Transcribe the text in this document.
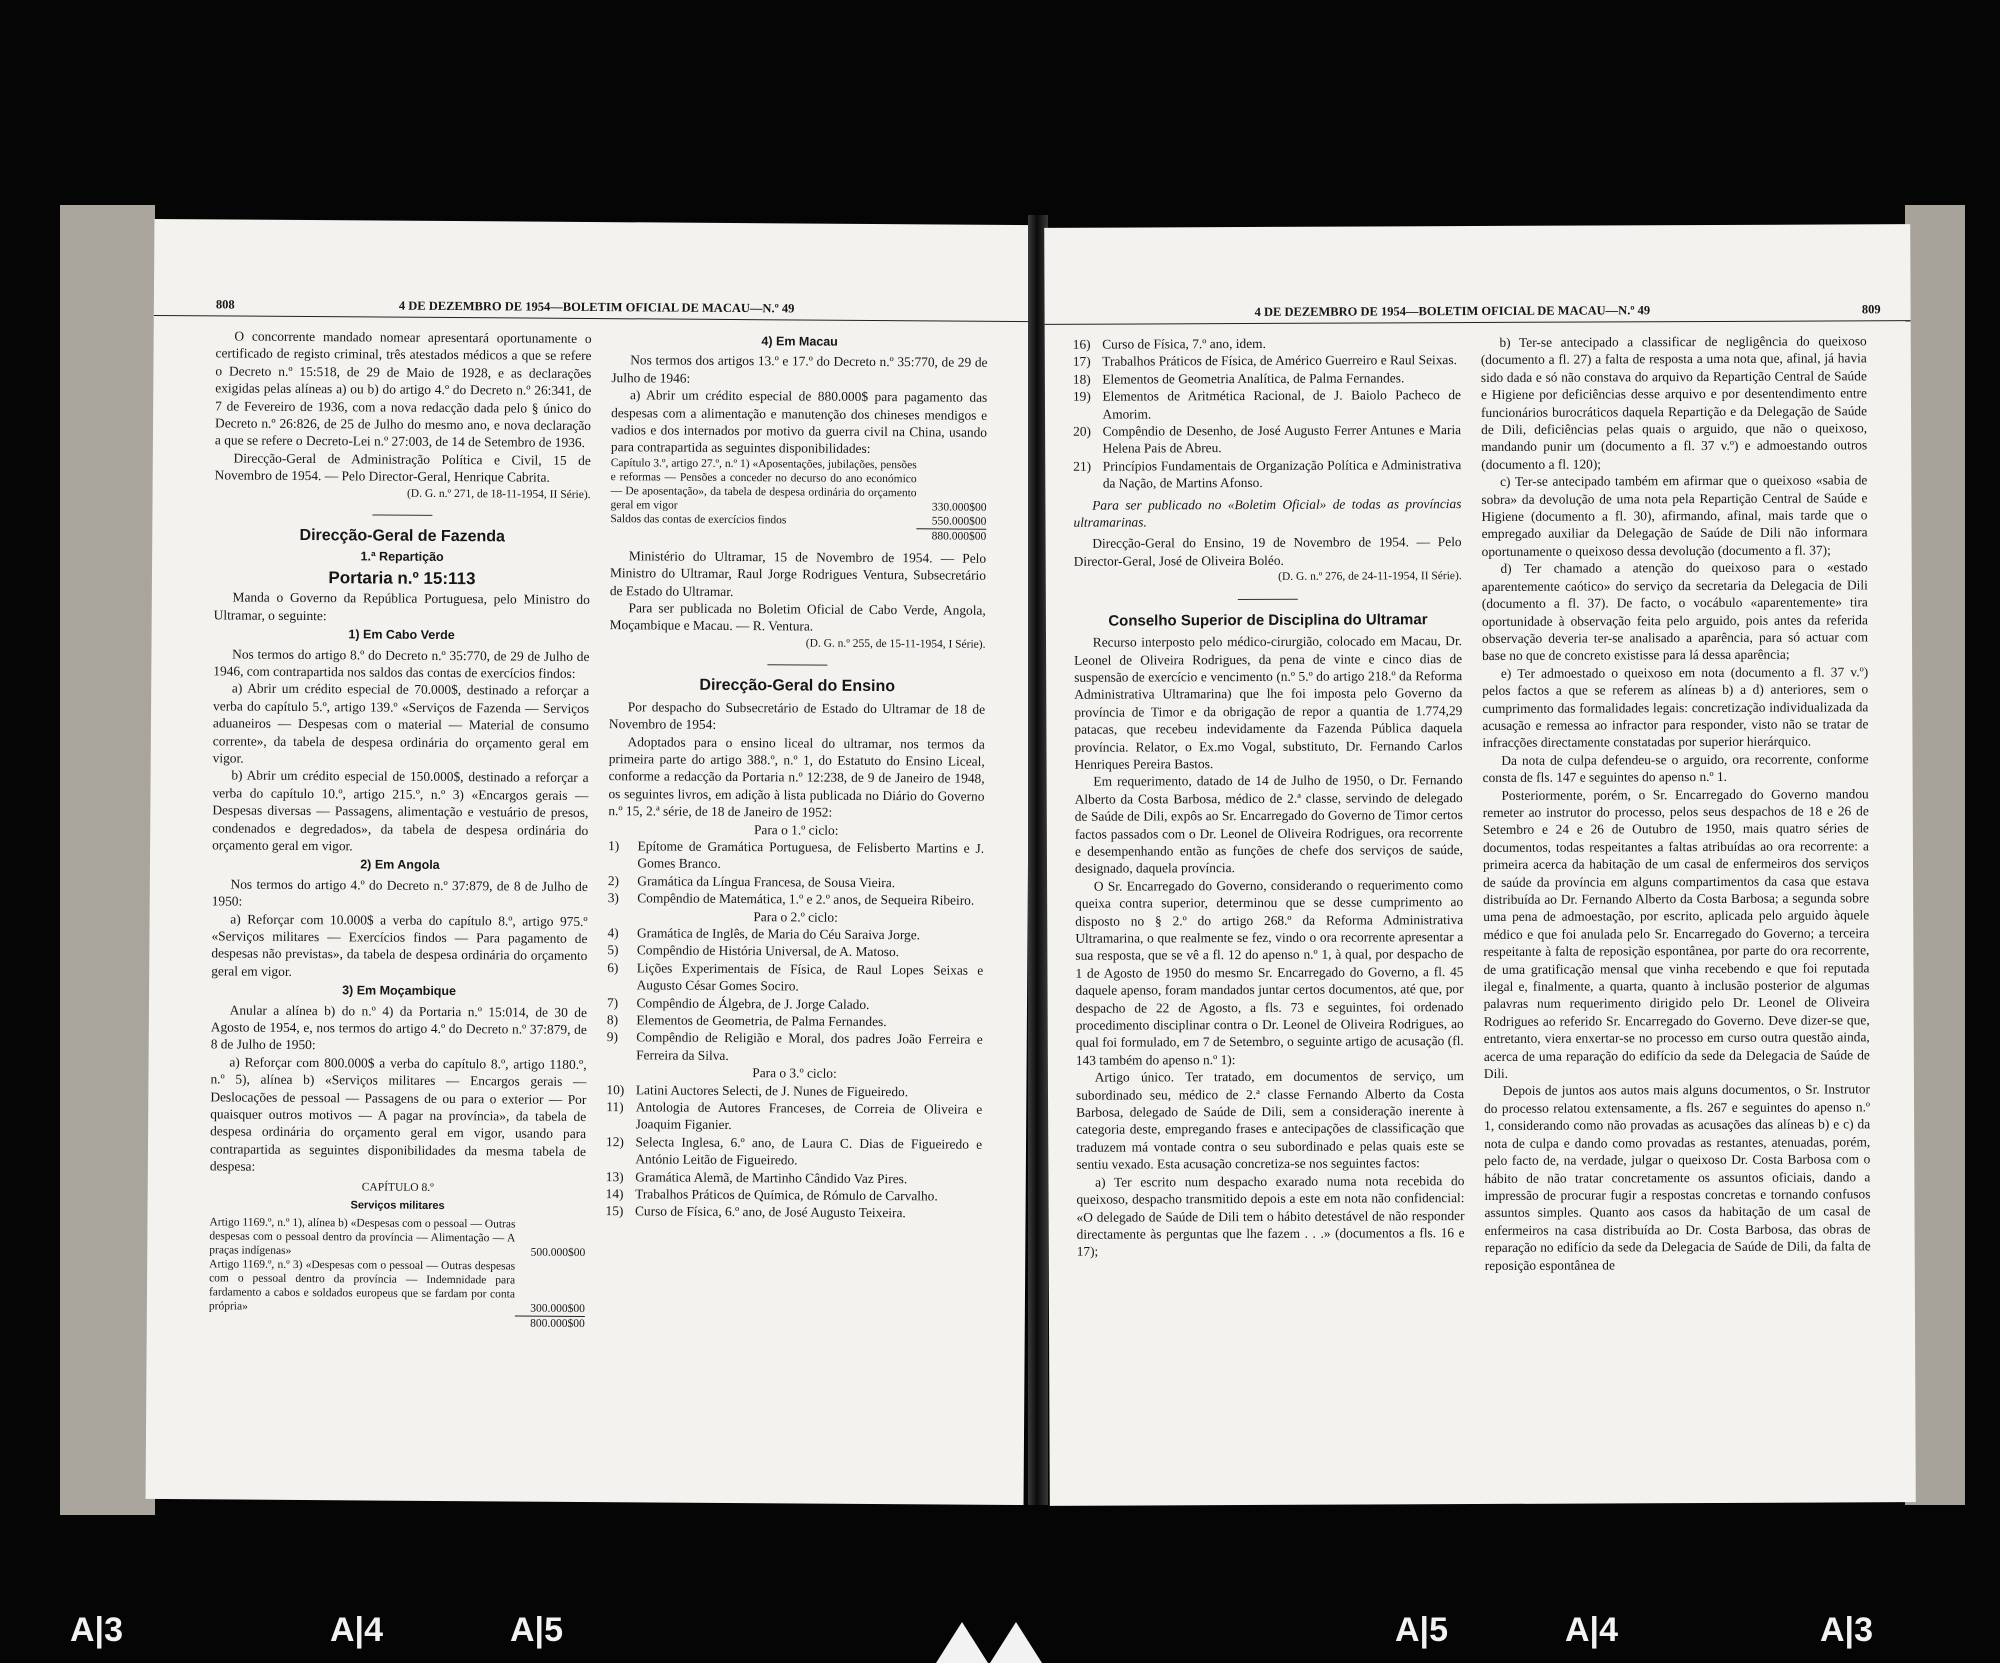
808	4 DE DEZEMBRO DE 1954—BOLETIM OFICIAL DE MACAU—N.º 49

O concorrente mandado nomear apresentará oportunamente o certificado de registo criminal, três atestados médicos a que se refere o Decreto n.º 15:518, de 29 de Maio de 1928, e as declarações exigidas pelas alíneas a) ou b) do artigo 4.º do Decreto n.º 26:341, de 7 de Fevereiro de 1936, com a nova redacção dada pelo § único do Decreto n.º 26:826, de 25 de Julho do mesmo ano, e nova declaração a que se refere o Decreto-Lei n.º 27:003, de 14 de Setembro de 1936.

Direcção-Geral de Administração Política e Civil, 15 de Novembro de 1954. — Pelo Director-Geral, Henrique Cabrita.

(D. G. n.º 271, de 18-11-1954, II Série).

Direcção-Geral de Fazenda
1.ª Repartição
Portaria n.º 15:113

Manda o Governo da República Portuguesa, pelo Ministro do Ultramar, o seguinte:

1) Em Cabo Verde

Nos termos do artigo 8.º do Decreto n.º 35:770, de 29 de Julho de 1946, com contrapartida nos saldos das contas de exercícios findos:

a) Abrir um crédito especial de 70.000$, destinado a reforçar a verba do capítulo 5.º, artigo 139.º «Serviços de Fazenda — Serviços aduaneiros — Despesas com o material — Material de consumo corrente», da tabela de despesa ordinária do orçamento geral em vigor.

b) Abrir um crédito especial de 150.000$, destinado a reforçar a verba do capítulo 10.º, artigo 215.º, n.º 3) «Encargos gerais — Despesas diversas — Passagens, alimentação e vestuário de presos, condenados e degredados», da tabela de despesa ordinária do orçamento geral em vigor.

2) Em Angola

Nos termos do artigo 4.º do Decreto n.º 37:879, de 8 de Julho de 1950:

a) Reforçar com 10.000$ a verba do capítulo 8.º, artigo 975.º «Serviços militares — Exercícios findos — Para pagamento de despesas não previstas», da tabela de despesa ordinária do orçamento geral em vigor.

3) Em Moçambique

Anular a alínea b) do n.º 4) da Portaria n.º 15:014, de 30 de Agosto de 1954, e, nos termos do artigo 4.º do Decreto n.º 37:879, de 8 de Julho de 1950:

a) Reforçar com 800.000$ a verba do capítulo 8.º, artigo 1180.º, n.º 5), alínea b) «Serviços militares — Encargos gerais — Deslocações de pessoal — Passagens de ou para o exterior — Por quaisquer outros motivos — A pagar na província», da tabela de despesa ordinária do orçamento geral em vigor, usando para contrapartida as seguintes disponibilidades da mesma tabela de despesa:

CAPÍTULO 8.º

Serviços militares
Artigo 1169.º, n.º 1), alínea b) «Despesas com o pessoal — Outras despesas com o pessoal dentro da província — Alimentação — A praças indígenas»	500.000$00
Artigo 1169.º, n.º 3) «Despesas com o pessoal — Outras despesas com o pessoal dentro da província — Indemnidade para fardamento a cabos e soldados europeus que se fardam por conta própria»	300.000$00
	800.000$00
4) Em Macau

Nos termos dos artigos 13.º e 17.º do Decreto n.º 35:770, de 29 de Julho de 1946:

a) Abrir um crédito especial de 880.000$ para pagamento das despesas com a alimentação e manutenção dos chineses mendigos e vadios e dos internados por motivo da guerra civil na China, usando para contrapartida as seguintes disponibilidades:

Capítulo 3.º, artigo 27.º, n.º 1) «Aposentações, jubilações, pensões e reformas — Pensões a conceder no decurso do ano económico — De aposentação», da tabela de despesa ordinária do orçamento geral em vigor	330.000$00
Saldos das contas de exercícios findos	550.000$00
	880.000$00

Ministério do Ultramar, 15 de Novembro de 1954. — Pelo Ministro do Ultramar, Raul Jorge Rodrigues Ventura, Subsecretário de Estado do Ultramar.

Para ser publicada no Boletim Oficial de Cabo Verde, Angola, Moçambique e Macau. — R. Ventura.

(D. G. n.º 255, de 15-11-1954, I Série).

Direcção-Geral do Ensino

Por despacho do Subsecretário de Estado do Ultramar de 18 de Novembro de 1954:

Adoptados para o ensino liceal do ultramar, nos termos da primeira parte do artigo 388.º, n.º 1, do Estatuto do Ensino Liceal, conforme a redacção da Portaria n.º 12:238, de 9 de Janeiro de 1948, os seguintes livros, em adição à lista publicada no Diário do Governo n.º 15, 2.ª série, de 18 de Janeiro de 1952:

Para o 1.º ciclo:

1) Epítome de Gramática Portuguesa, de Felisberto Martins e J. Gomes Branco.

2) Gramática da Língua Francesa, de Sousa Vieira.

3) Compêndio de Matemática, 1.º e 2.º anos, de Sequeira Ribeiro.

Para o 2.º ciclo:

4) Gramática de Inglês, de Maria do Céu Saraiva Jorge.

5) Compêndio de História Universal, de A. Matoso.

6) Lições Experimentais de Física, de Raul Lopes Seixas e Augusto César Gomes Sociro.

7) Compêndio de Álgebra, de J. Jorge Calado.

8) Elementos de Geometria, de Palma Fernandes.

9) Compêndio de Religião e Moral, dos padres João Ferreira e Ferreira da Silva.

Para o 3.º ciclo:

10) Latini Auctores Selecti, de J. Nunes de Figueiredo.

11) Antologia de Autores Franceses, de Correia de Oliveira e Joaquim Figanier.

12) Selecta Inglesa, 6.º ano, de Laura C. Dias de Figueiredo e António Leitão de Figueiredo.

13) Gramática Alemã, de Martinho Cândido Vaz Pires.

14) Trabalhos Práticos de Química, de Rómulo de Carvalho.

15) Curso de Física, 6.º ano, de José Augusto Teixeira.

4 DE DEZEMBRO DE 1954—BOLETIM OFICIAL DE MACAU—N.º 49	809

16) Curso de Física, 7.º ano, idem.

17) Trabalhos Práticos de Física, de Américo Guerreiro e Raul Seixas.

18) Elementos de Geometria Analítica, de Palma Fernandes.

19) Elementos de Aritmética Racional, de J. Baiolo Pacheco de Amorim.

20) Compêndio de Desenho, de José Augusto Ferrer Antunes e Maria Helena Pais de Abreu.

21) Princípios Fundamentais de Organização Política e Administrativa da Nação, de Martins Afonso.

Para ser publicado no «Boletim Oficial» de todas as províncias ultramarinas.

Direcção-Geral do Ensino, 19 de Novembro de 1954. — Pelo Director-Geral, José de Oliveira Boléo.

(D. G. n.º 276, de 24-11-1954, II Série).

Conselho Superior de Disciplina do Ultramar

Recurso interposto pelo médico-cirurgião, colocado em Macau, Dr. Leonel de Oliveira Rodrigues, da pena de vinte e cinco dias de suspensão de exercício e vencimento (n.º 5.º do artigo 218.º da Reforma Administrativa Ultramarina) que lhe foi imposta pelo Governo da província de Timor e da obrigação de repor a quantia de 1.774,29 patacas, que recebeu indevidamente da Fazenda Pública daquela província. Relator, o Ex.mo Vogal, substituto, Dr. Fernando Carlos Henriques Pereira Bastos.

Em requerimento, datado de 14 de Julho de 1950, o Dr. Fernando Alberto da Costa Barbosa, médico de 2.ª classe, servindo de delegado de Saúde de Dili, expôs ao Sr. Encarregado do Governo de Timor certos factos passados com o Dr. Leonel de Oliveira Rodrigues, ora recorrente e desempenhando então as funções de chefe dos serviços de saúde, designado, daquela província.

O Sr. Encarregado do Governo, considerando o requerimento como queixa contra superior, determinou que se desse cumprimento ao disposto no § 2.º do artigo 268.º da Reforma Administrativa Ultramarina, o que realmente se fez, vindo o ora recorrente apresentar a sua resposta, que se vê a fl. 12 do apenso n.º 1, à qual, por despacho de 1 de Agosto de 1950 do mesmo Sr. Encarregado do Governo, a fl. 45 daquele apenso, foram mandados juntar certos documentos, até que, por despacho de 22 de Agosto, a fls. 73 e seguintes, foi ordenado procedimento disciplinar contra o Dr. Leonel de Oliveira Rodrigues, ao qual foi formulado, em 7 de Setembro, o seguinte artigo de acusação (fl. 143 também do apenso n.º 1):

Artigo único. Ter tratado, em documentos de serviço, um subordinado seu, médico de 2.ª classe Fernando Alberto da Costa Barbosa, delegado de Saúde de Dili, sem a consideração inerente à categoria deste, empregando frases e antecipações de classificação que traduzem má vontade contra o seu subordinado e pelas quais este se sentiu vexado. Esta acusação concretiza-se nos seguintes factos:

a) Ter escrito num despacho exarado numa nota recebida do queixoso, despacho transmitido depois a este em nota não confidencial: «O delegado de Saúde de Dili tem o hábito detestável de não responder directamente às perguntas que lhe fazem . . .» (documentos a fls. 16 e 17);

b) Ter-se antecipado a classificar de negligência do queixoso (documento a fl. 27) a falta de resposta a uma nota que, afinal, já havia sido dada e só não constava do arquivo da Repartição Central de Saúde e Higiene por deficiências desse arquivo e por desentendimento entre funcionários burocráticos daquela Repartição e da Delegação de Saúde de Dili, deficiências pelas quais o arguido, que não o queixoso, mandando punir um (documento a fl. 37 v.º) e admoestando outros (documento a fl. 120);

c) Ter-se antecipado também em afirmar que o queixoso «sabia de sobra» da devolução de uma nota pela Repartição Central de Saúde e Higiene (documento a fl. 30), afirmando, afinal, mais tarde que o empregado auxiliar da Delegação de Saúde de Dili não informara oportunamente o queixoso dessa devolução (documento a fl. 37);

d) Ter chamado a atenção do queixoso para o «estado aparentemente caótico» do serviço da secretaria da Delegacia de Dili (documento a fl. 37). De facto, o vocábulo «aparentemente» tira oportunidade à observação feita pelo arguido, pois antes da referida observação deveria ter-se analisado a aparência, para só actuar com base no que de concreto existisse para lá dessa aparência;

e) Ter admoestado o queixoso em nota (documento a fl. 37 v.º) pelos factos a que se referem as alíneas b) a d) anteriores, sem o cumprimento das formalidades legais: concretização individualizada da acusação e remessa ao infractor para responder, visto não se tratar de infracções directamente constatadas por superior hierárquico.

Da nota de culpa defendeu-se o arguido, ora recorrente, conforme consta de fls. 147 e seguintes do apenso n.º 1.

Posteriormente, porém, o Sr. Encarregado do Governo mandou remeter ao instrutor do processo, pelos seus despachos de 18 e 26 de Setembro e 24 e 26 de Outubro de 1950, mais quatro séries de documentos, todas respeitantes a faltas atribuídas ao ora recorrente: a primeira acerca da habitação de um casal de enfermeiros dos serviços de saúde da província em alguns compartimentos da casa que estava distribuída ao Dr. Fernando Alberto da Costa Barbosa; a segunda sobre uma pena de admoestação, por escrito, aplicada pelo arguido àquele médico e que foi anulada pelo Sr. Encarregado do Governo; a terceira respeitante à falta de reposição espontânea, por parte do ora recorrente, de uma gratificação mensal que vinha recebendo e que foi reputada ilegal e, finalmente, a quarta, quanto à inclusão posterior de algumas palavras num requerimento dirigido pelo Dr. Leonel de Oliveira Rodrigues ao referido Sr. Encarregado do Governo. Deve dizer-se que, entretanto, viera enxertar-se no processo em curso outra questão ainda, acerca de uma reparação do edifício da sede da Delegacia de Saúde de Dili.

Depois de juntos aos autos mais alguns documentos, o Sr. Instrutor do processo relatou extensamente, a fls. 267 e seguintes do apenso n.º 1, considerando como não provadas as acusações das alíneas b) e c) da nota de culpa e dando como provadas as restantes, atenuadas, porém, pelo facto de, na verdade, julgar o queixoso Dr. Costa Barbosa com o hábito de não tratar concretamente os assuntos oficiais, dando a impressão de procurar fugir a respostas concretas e tornando confusos assuntos simples. Quanto aos casos da habitação de um casal de enfermeiros na casa distribuída ao Dr. Costa Barbosa, das obras de reparação no edifício da sede da Delegacia de Saúde de Dili, da falta de reposição espontânea de

A|3	A|4	A|5	A|5	A|4	A|3
